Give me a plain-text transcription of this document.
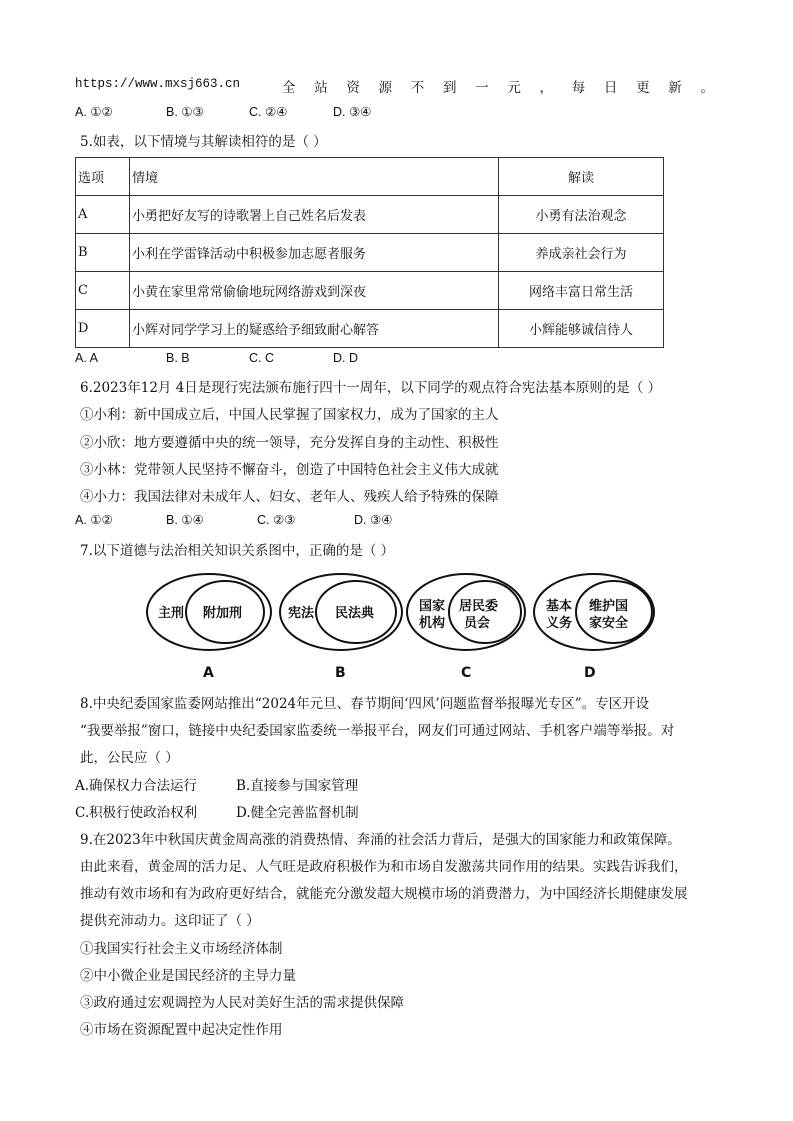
https://www.mxsj663.cn	全 站 资 源 不 到 一 元 ， 每 日 更 新 。
A. ①②	B. ①③	C. ②④	D. ③④
5.如表，以下情境与其解读相符的是（ ）
选项	情境	解读
A	小勇把好友写的诗歌署上自己姓名后发表	小勇有法治观念
B	小利在学雷锋活动中积极参加志愿者服务	养成亲社会行为
C	小黄在家里常常偷偷地玩网络游戏到深夜	网络丰富日常生活
D	小辉对同学学习上的疑惑给予细致耐心解答	小辉能够诚信待人
A. A	B. B	C. C	D. D
6.2023年12月 4日是现行宪法颁布施行四十一周年，以下同学的观点符合宪法基本原则的是（ ）
①小利：新中国成立后，中国人民掌握了国家权力，成为了国家的主人
②小欣：地方要遵循中央的统一领导，充分发挥自身的主动性、积极性
③小林：党带领人民坚持不懈奋斗，创造了中国特色社会主义伟大成就
④小力：我国法律对未成年人、妇女、老年人、残疾人给予特殊的保障
A. ①②	B. ①④	C. ②③	D. ③④
7.以下道德与法治相关知识关系图中，正确的是（ ）
主刑 附加刑
A
宪法 民法典
B
国家
机构
居民委
员会
C
基本
义务
维护国
家安全
D
8.中央纪委国家监委网站推出“2024年元旦、春节期间‘四风’问题监督举报曝光专区”。专区开设
“我要举报”窗口，链接中央纪委国家监委统一举报平台，网友们可通过网站、手机客户端等举报。对
此，公民应（ ）
A.确保权力合法运行	B.直接参与国家管理
C.积极行使政治权利	D.健全完善监督机制
9.在2023年中秋国庆黄金周高涨的消费热情、奔涌的社会活力背后，是强大的国家能力和政策保障。
由此来看，黄金周的活力足、人气旺是政府积极作为和市场自发激荡共同作用的结果。实践告诉我们，
推动有效市场和有为政府更好结合，就能充分激发超大规模市场的消费潜力，为中国经济长期健康发展
提供充沛动力。这印证了（ ）
①我国实行社会主义市场经济体制
②中小微企业是国民经济的主导力量
③政府通过宏观调控为人民对美好生活的需求提供保障
④市场在资源配置中起决定性作用
